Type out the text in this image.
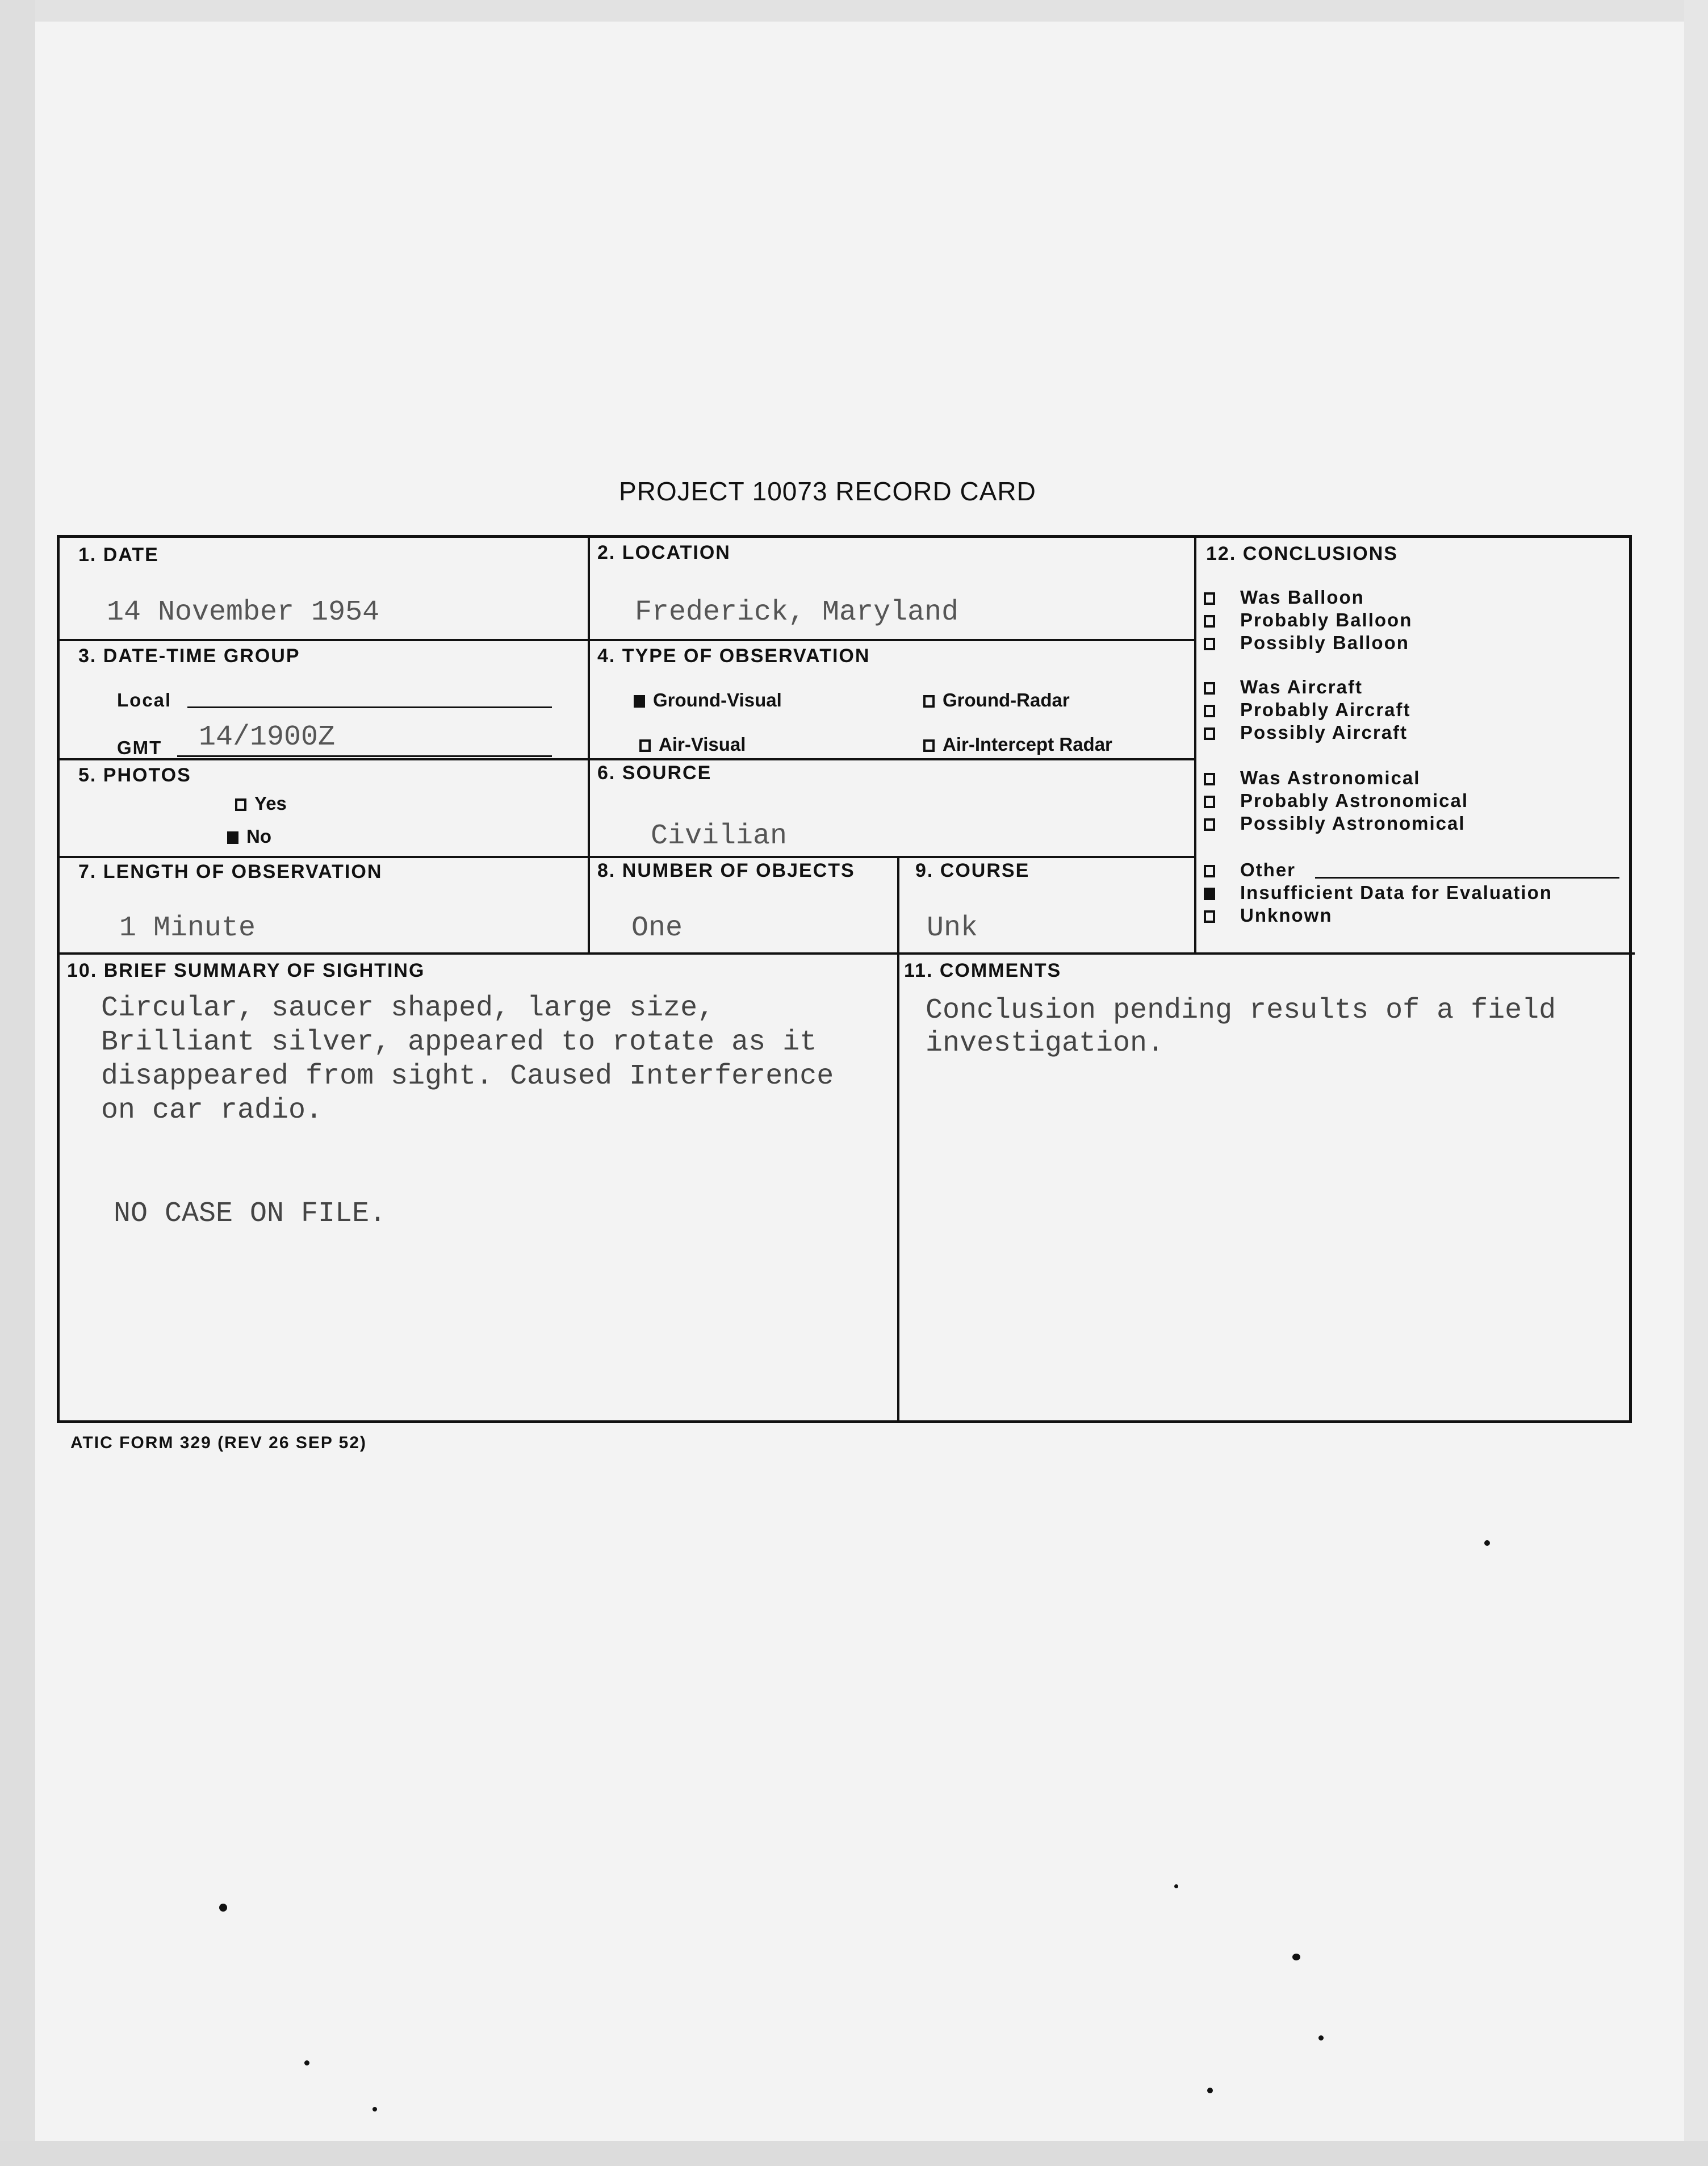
PROJECT 10073 RECORD CARD
1. DATE
14 November 1954
2. LOCATION
Frederick, Maryland
3. DATE-TIME GROUP
Local
GMT 14/1900Z
4. TYPE OF OBSERVATION
Ground-Visual	Ground-Radar
Air-Visual	Air-Intercept Radar
5. PHOTOS
Yes
No
6. SOURCE
Civilian
7. LENGTH OF OBSERVATION
1 Minute
8. NUMBER OF OBJECTS
One
9. COURSE
Unk
12. CONCLUSIONS
Was Balloon
Probably Balloon
Possibly Balloon
Was Aircraft
Probably Aircraft
Possibly Aircraft
Was Astronomical
Probably Astronomical
Possibly Astronomical
Other
Insufficient Data for Evaluation
Unknown
10. BRIEF SUMMARY OF SIGHTING
Circular, saucer shaped, large size,
Brilliant silver, appeared to rotate as it
disappeared from sight. Caused Interference
on car radio.
NO CASE ON FILE.
11. COMMENTS
Conclusion pending results of a field
investigation.
ATIC FORM 329 (REV 26 SEP 52)
